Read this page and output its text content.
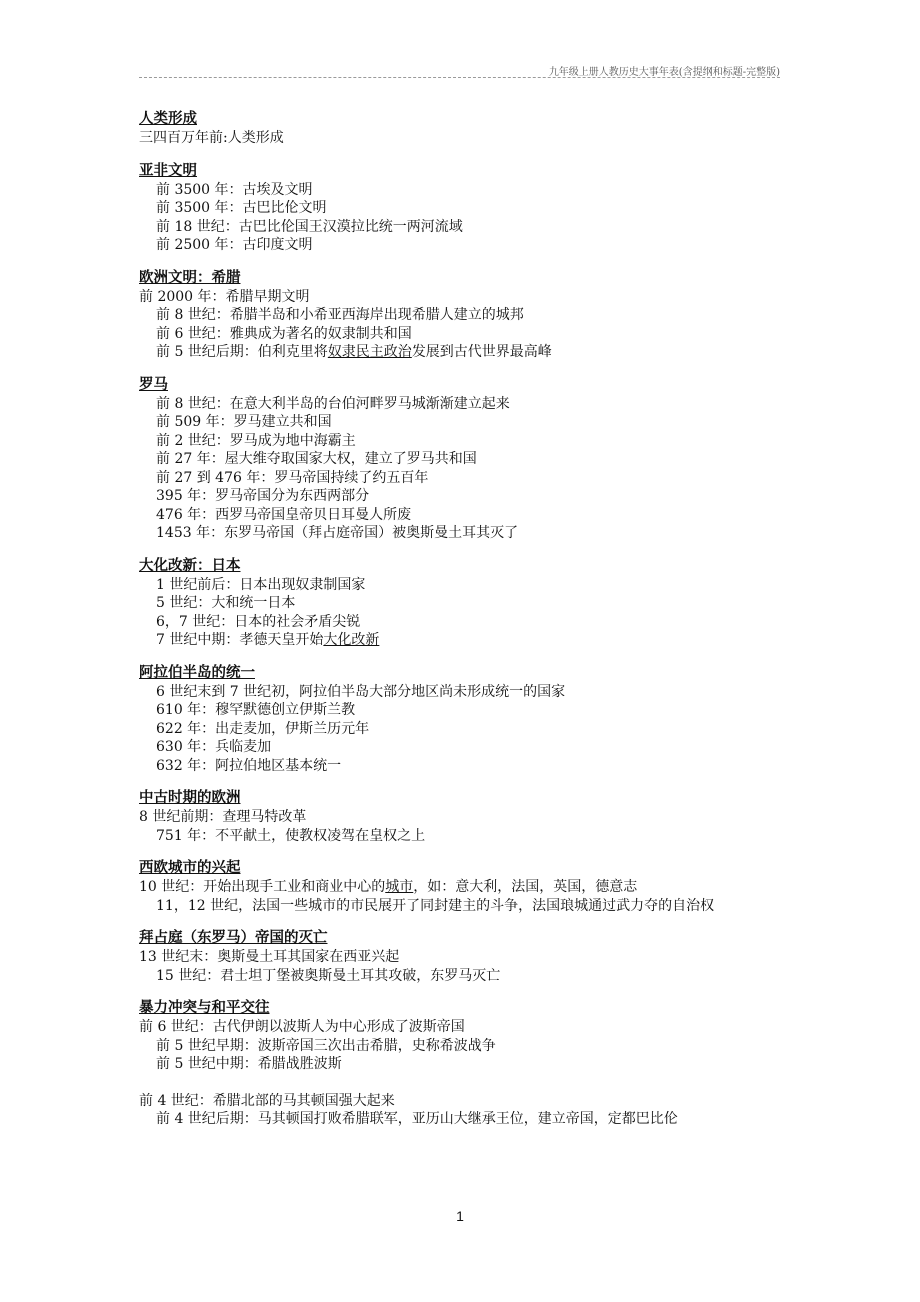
九年级上册人教历史大事年表(含提纲和标题-完整版)
人类形成
三四百万年前:人类形成
亚非文明
前 3500 年：古埃及文明
前 3500 年：古巴比伦文明
前 18 世纪：古巴比伦国王汉漠拉比统一两河流域
前 2500 年：古印度文明
欧洲文明：希腊
前 2000 年：希腊早期文明
前 8 世纪：希腊半岛和小希亚西海岸出现希腊人建立的城邦
前 6 世纪：雅典成为著名的奴隶制共和国
前 5 世纪后期：伯利克里将奴隶民主政治发展到古代世界最高峰
罗马
前 8 世纪：在意大利半岛的台伯河畔罗马城渐渐建立起来
前 509 年：罗马建立共和国
前 2 世纪：罗马成为地中海霸主
前 27 年：屋大维夺取国家大权，建立了罗马共和国
前 27 到 476 年：罗马帝国持续了约五百年
395 年：罗马帝国分为东西两部分
476 年：西罗马帝国皇帝贝日耳曼人所废
1453 年：东罗马帝国（拜占庭帝国）被奥斯曼土耳其灭了
大化改新：日本
1 世纪前后：日本出现奴隶制国家
5 世纪：大和统一日本
6，7 世纪：日本的社会矛盾尖锐
7 世纪中期：孝德天皇开始大化改新
阿拉伯半岛的统一
6 世纪末到 7 世纪初，阿拉伯半岛大部分地区尚未形成统一的国家
610 年：穆罕默德创立伊斯兰教
622 年：出走麦加，伊斯兰历元年
630 年：兵临麦加
632 年：阿拉伯地区基本统一
中古时期的欧洲
8 世纪前期：查理马特改革
751 年：不平献土，使教权凌驾在皇权之上
西欧城市的兴起
10 世纪：开始出现手工业和商业中心的城市，如：意大利，法国，英国，德意志
11，12 世纪，法国一些城市的市民展开了同封建主的斗争，法国琅城通过武力夺的自治权
拜占庭（东罗马）帝国的灭亡
13 世纪末：奥斯曼土耳其国家在西亚兴起
15 世纪：君士坦丁堡被奥斯曼土耳其攻破，东罗马灭亡
暴力冲突与和平交往
前 6 世纪：古代伊朗以波斯人为中心形成了波斯帝国
前 5 世纪早期：波斯帝国三次出击希腊，史称希波战争
前 5 世纪中期：希腊战胜波斯
前 4 世纪：希腊北部的马其顿国强大起来
前 4 世纪后期：马其顿国打败希腊联军，亚历山大继承王位，建立帝国，定都巴比伦
1
